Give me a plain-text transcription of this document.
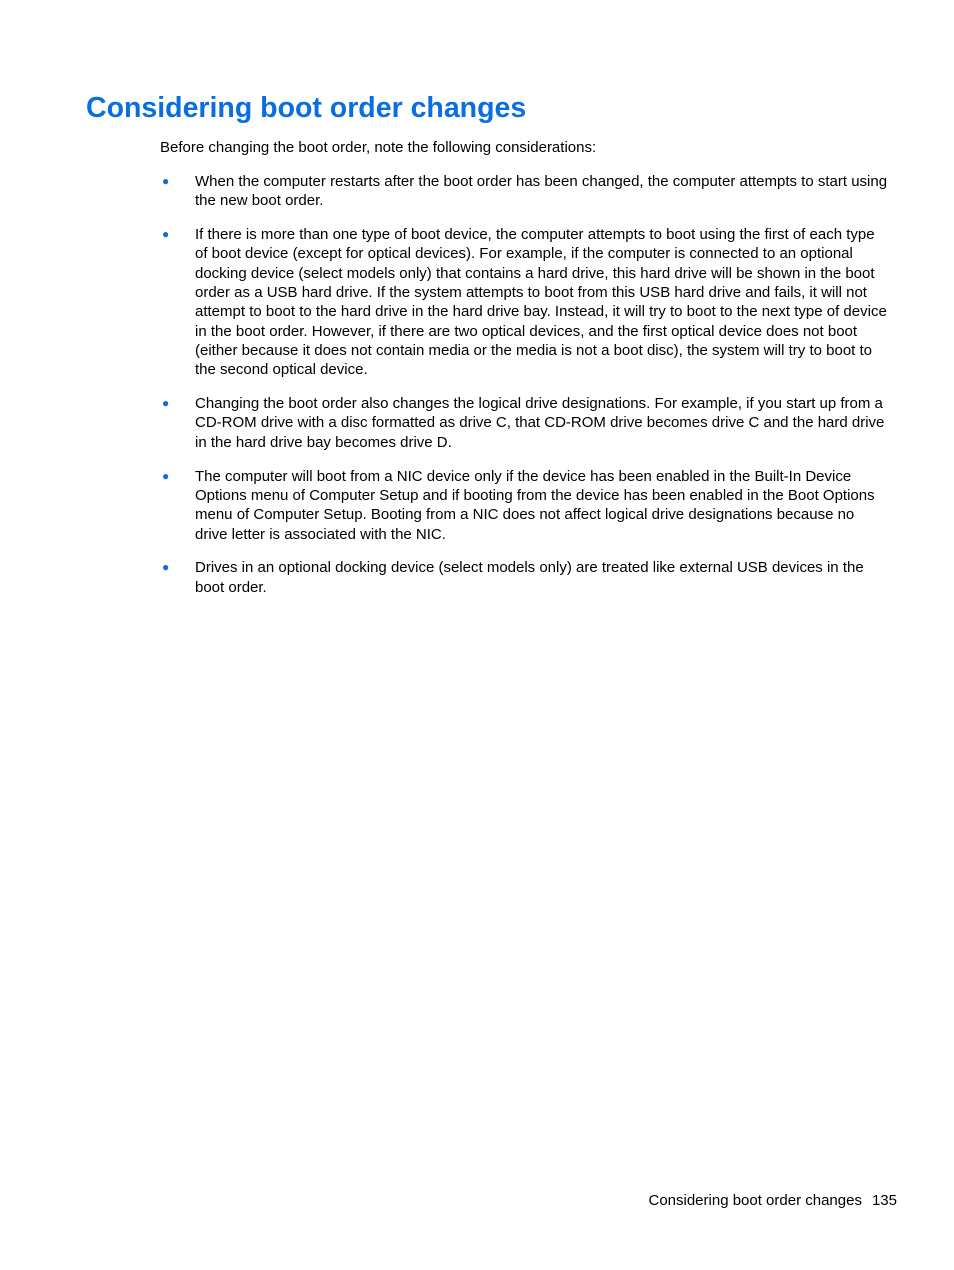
Considering boot order changes

Before changing the boot order, note the following considerations:

● When the computer restarts after the boot order has been changed, the computer attempts to start using the new boot order.
● If there is more than one type of boot device, the computer attempts to boot using the first of each type of boot device (except for optical devices). For example, if the computer is connected to an optional docking device (select models only) that contains a hard drive, this hard drive will be shown in the boot order as a USB hard drive. If the system attempts to boot from this USB hard drive and fails, it will not attempt to boot to the hard drive in the hard drive bay. Instead, it will try to boot to the next type of device in the boot order. However, if there are two optical devices, and the first optical device does not boot (either because it does not contain media or the media is not a boot disc), the system will try to boot to the second optical device.
● Changing the boot order also changes the logical drive designations. For example, if you start up from a CD-ROM drive with a disc formatted as drive C, that CD-ROM drive becomes drive C and the hard drive in the hard drive bay becomes drive D.
● The computer will boot from a NIC device only if the device has been enabled in the Built-In Device Options menu of Computer Setup and if booting from the device has been enabled in the Boot Options menu of Computer Setup. Booting from a NIC does not affect logical drive designations because no drive letter is associated with the NIC.
● Drives in an optional docking device (select models only) are treated like external USB devices in the boot order.
Considering boot order changes 135
